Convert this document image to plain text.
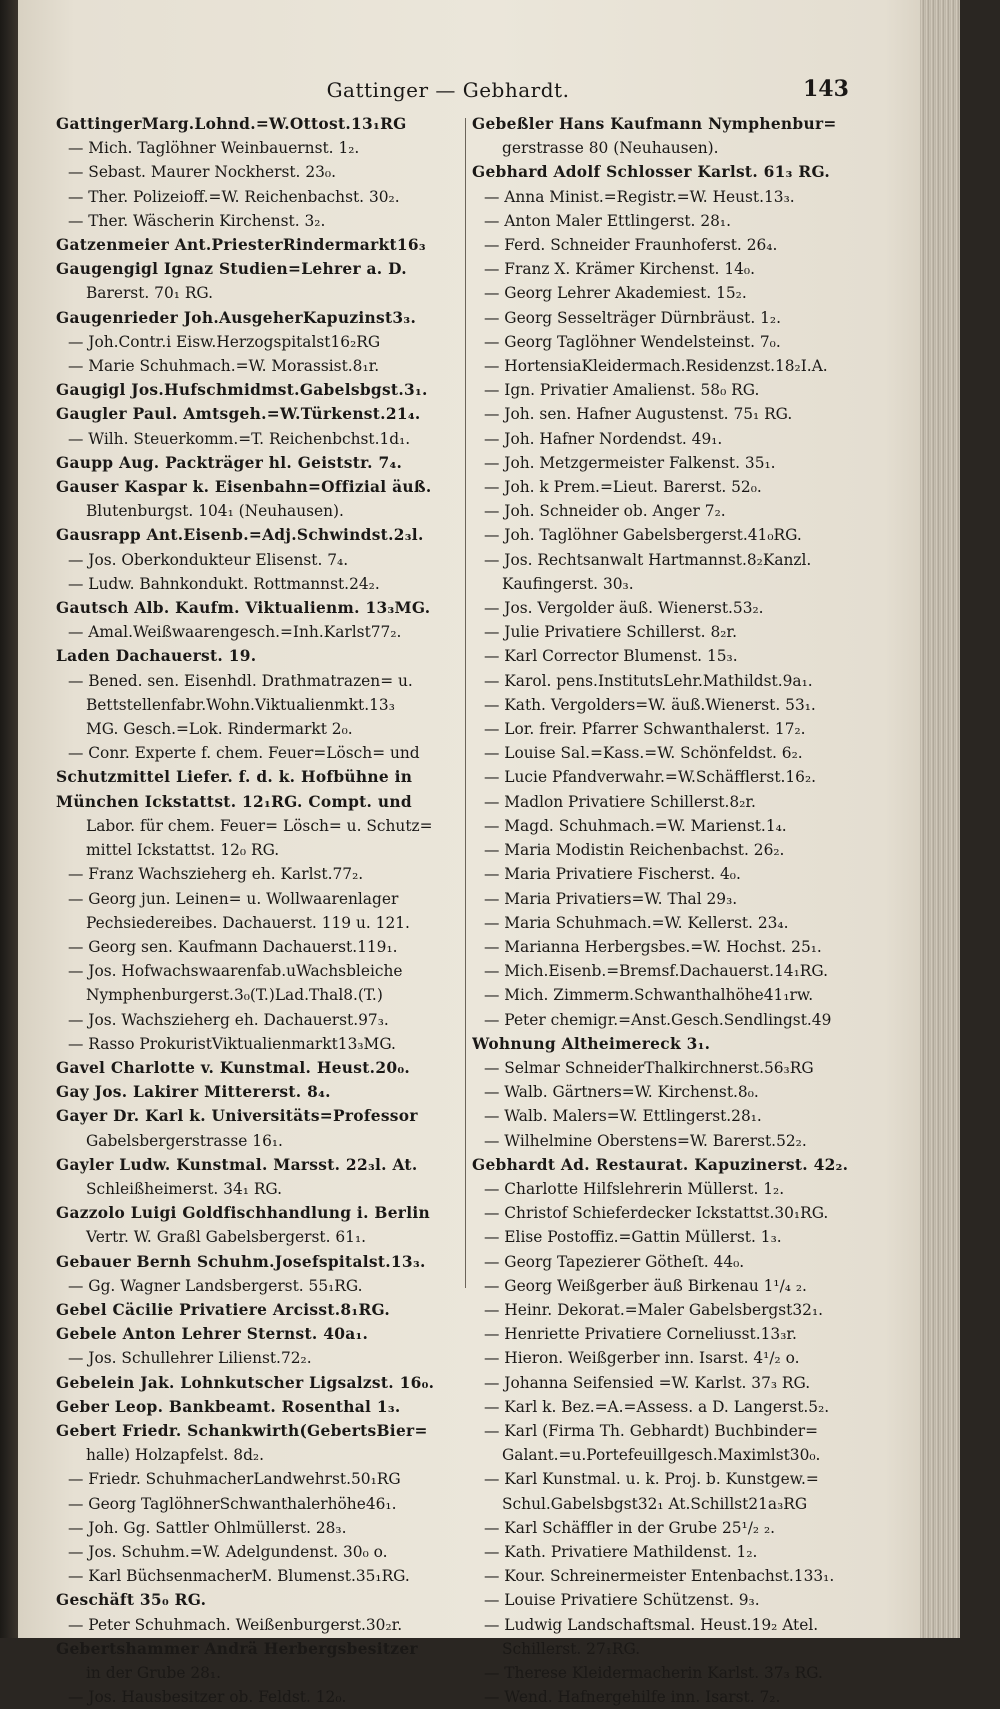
Gattinger — Gebhardt.	143
GattingerMarg.Lohnd.=W.Ottost.13₁RG
— Mich. Taglöhner Weinbauernst. 1₂.
— Sebast. Maurer Nockherst. 23₀.
— Ther. Polizeioff.=W. Reichenbachst. 30₂.
— Ther. Wäscherin Kirchenst. 3₂.
Gatzenmeier Ant.PriesterRindermarkt16₃
Gaugengigl Ignaz Studien=Lehrer a. D.
Barerst. 70₁ RG.
Gaugenrieder Joh.AusgeherKapuzinst3₃.
— Joh.Contr.i Eisw.Herzogspitalst16₂RG
— Marie Schuhmach.=W. Morassist.8₁r.
Gaugigl Jos.Hufschmidmst.Gabelsbgst.3₁.
Gaugler Paul. Amtsgeh.=W.Türkenst.21₄.
— Wilh. Steuerkomm.=T. Reichenbchst.1d₁.
Gaupp Aug. Packträger hl. Geiststr. 7₄.
Gauser Kaspar k. Eisenbahn=Offizial äuß.
Blutenburgst. 104₁ (Neuhausen).
Gausrapp Ant.Eisenb.=Adj.Schwindst.2₃l.
— Jos. Oberkondukteur Elisenst. 7₄.
— Ludw. Bahnkondukt. Rottmannst.24₂.
Gautsch Alb. Kaufm. Viktualienm. 13₃MG.
— Amal.Weißwaarengesch.=Inh.Karlst77₂.
Laden Dachauerst. 19.
— Bened. sen. Eisenhdl. Drathmatrazen= u.
Bettstellenfabr.Wohn.Viktualienmkt.13₃
MG. Gesch.=Lok. Rindermarkt 2₀.
— Conr. Experte f. chem. Feuer=Lösch= und
Schutzmittel Liefer. f. d. k. Hofbühne in
München Ickstattst. 12₁RG. Compt. und
Labor. für chem. Feuer= Lösch= u. Schutz=
mittel Ickstattst. 12₀ RG.
— Franz Wachszieherg eh. Karlst.77₂.
— Georg jun. Leinen= u. Wollwaarenlager
Pechsiedereibes. Dachauerst. 119 u. 121.
— Georg sen. Kaufmann Dachauerst.119₁.
— Jos. Hofwachswaarenfab.uWachsbleiche
Nymphenburgerst.3₀(T.)Lad.Thal8.(T.)
— Jos. Wachszieherg eh. Dachauerst.97₃.
— Rasso ProkuristViktualienmarkt13₃MG.
Gavel Charlotte v. Kunstmal. Heust.20₀.
Gay Jos. Lakirer Mittererst. 8₄.
Gayer Dr. Karl k. Universitäts=Professor
Gabelsbergerstrasse 16₁.
Gayler Ludw. Kunstmal. Marsst. 22₃l. At.
Schleißheimerst. 34₁ RG.
Gazzolo Luigi Goldfischhandlung i. Berlin
Vertr. W. Graßl Gabelsbergerst. 61₁.
Gebauer Bernh Schuhm.Josefspitalst.13₃.
— Gg. Wagner Landsbergerst. 55₁RG.
Gebel Cäcilie Privatiere Arcisst.8₁RG.
Gebele Anton Lehrer Sternst. 40a₁.
— Jos. Schullehrer Lilienst.72₂.
Gebelein Jak. Lohnkutscher Ligsalzst. 16₀.
Geber Leop. Bankbeamt. Rosenthal 1₃.
Gebert Friedr. Schankwirth(GebertsBier=
halle) Holzapfelst. 8d₂.
— Friedr. SchuhmacherLandwehrst.50₁RG
— Georg TaglöhnerSchwanthalerhöhe46₁.
— Joh. Gg. Sattler Ohlmüllerst. 28₃.
— Jos. Schuhm.=W. Adelgundenst. 30₀ o.
— Karl BüchsenmacherM. Blumenst.35₁RG.
Geschäft 35₀ RG.
— Peter Schuhmach. Weißenburgerst.30₂r.
Gebertshammer Andrä Herbergsbesitzer
in der Grube 28₁.
— Jos. Hausbesitzer ob. Feldst. 12₀.
Gebeßler Hans Kaufmann Nymphenbur=
gerstrasse 80 (Neuhausen).
Gebhard Adolf Schlosser Karlst. 61₃ RG.
— Anna Minist.=Registr.=W. Heust.13₃.
— Anton Maler Ettlingerst. 28₁.
— Ferd. Schneider Fraunhoferst. 26₄.
— Franz X. Krämer Kirchenst. 14₀.
— Georg Lehrer Akademiest. 15₂.
— Georg Sesselträger Dürnbräust. 1₂.
— Georg Taglöhner Wendelsteinst. 7₀.
— HortensiaKleidermach.Residenzst.18₂I.A.
— Ign. Privatier Amalienst. 58₀ RG.
— Joh. sen. Hafner Augustenst. 75₁ RG.
— Joh. Hafner Nordendst. 49₁.
— Joh. Metzgermeister Falkenst. 35₁.
— Joh. k Prem.=Lieut. Barerst. 52₀.
— Joh. Schneider ob. Anger 7₂.
— Joh. Taglöhner Gabelsbergerst.41₀RG.
— Jos. Rechtsanwalt Hartmannst.8₂Kanzl.
Kaufingerst. 30₃.
— Jos. Vergolder äuß. Wienerst.53₂.
— Julie Privatiere Schillerst. 8₂r.
— Karl Corrector Blumenst. 15₃.
— Karol. pens.InstitutsLehr.Mathildst.9a₁.
— Kath. Vergolders=W. äuß.Wienerst. 53₁.
— Lor. freir. Pfarrer Schwanthalerst. 17₂.
— Louise Sal.=Kass.=W. Schönfeldst. 6₂.
— Lucie Pfandverwahr.=W.Schäfflerst.16₂.
— Madlon Privatiere Schillerst.8₂r.
— Magd. Schuhmach.=W. Marienst.1₄.
— Maria Modistin Reichenbachst. 26₂.
— Maria Privatiere Fischerst. 4₀.
— Maria Privatiers=W. Thal 29₃.
— Maria Schuhmach.=W. Kellerst. 23₄.
— Marianna Herbergsbes.=W. Hochst. 25₁.
— Mich.Eisenb.=Bremsf.Dachauerst.14₁RG.
— Mich. Zimmerm.Schwanthalhöhe41₁rw.
— Peter chemigr.=Anst.Gesch.Sendlingst.49
Wohnung Altheimereck 3₁.
— Selmar SchneiderThalkirchnerst.56₃RG
— Walb. Gärtners=W. Kirchenst.8₀.
— Walb. Malers=W. Ettlingerst.28₁.
— Wilhelmine Oberstens=W. Barerst.52₂.
Gebhardt Ad. Restaurat. Kapuzinerst. 42₂.
— Charlotte Hilfslehrerin Müllerst. 1₂.
— Christof Schieferdecker Ickstattst.30₁RG.
— Elise Postoffiz.=Gattin Müllerst. 1₃.
— Georg Tapezierer Götheſt. 44₀.
— Georg Weißgerber äuß Birkenau 1¹/₄ ₂.
— Heinr. Dekorat.=Maler Gabelsbergst32₁.
— Henriette Privatiere Corneliusst.13₃r.
— Hieron. Weißgerber inn. Isarst. 4¹/₂ o.
— Johanna Seifensied =W. Karlst. 37₃ RG.
— Karl k. Bez.=A.=Assess. a D. Langerst.5₂.
— Karl (Firma Th. Gebhardt) Buchbinder=
Galant.=u.Portefeuillgesch.Maximlst30₀.
— Karl Kunstmal. u. k. Proj. b. Kunstgew.=
Schul.Gabelsbgst32₁ At.Schillst21a₃RG
— Karl Schäffler in der Grube 25¹/₂ ₂.
— Kath. Privatiere Mathildenst. 1₂.
— Kour. Schreinermeister Entenbachst.133₁.
— Louise Privatiere Schützenst. 9₃.
— Ludwig Landschaftsmal. Heust.19₂ Atel.
Schillerst. 27₁RG.
— Therese Kleidermacherin Karlst. 37₃ RG.
— Wend. Hafnergehilfe inn. Isarst. 7₂.
